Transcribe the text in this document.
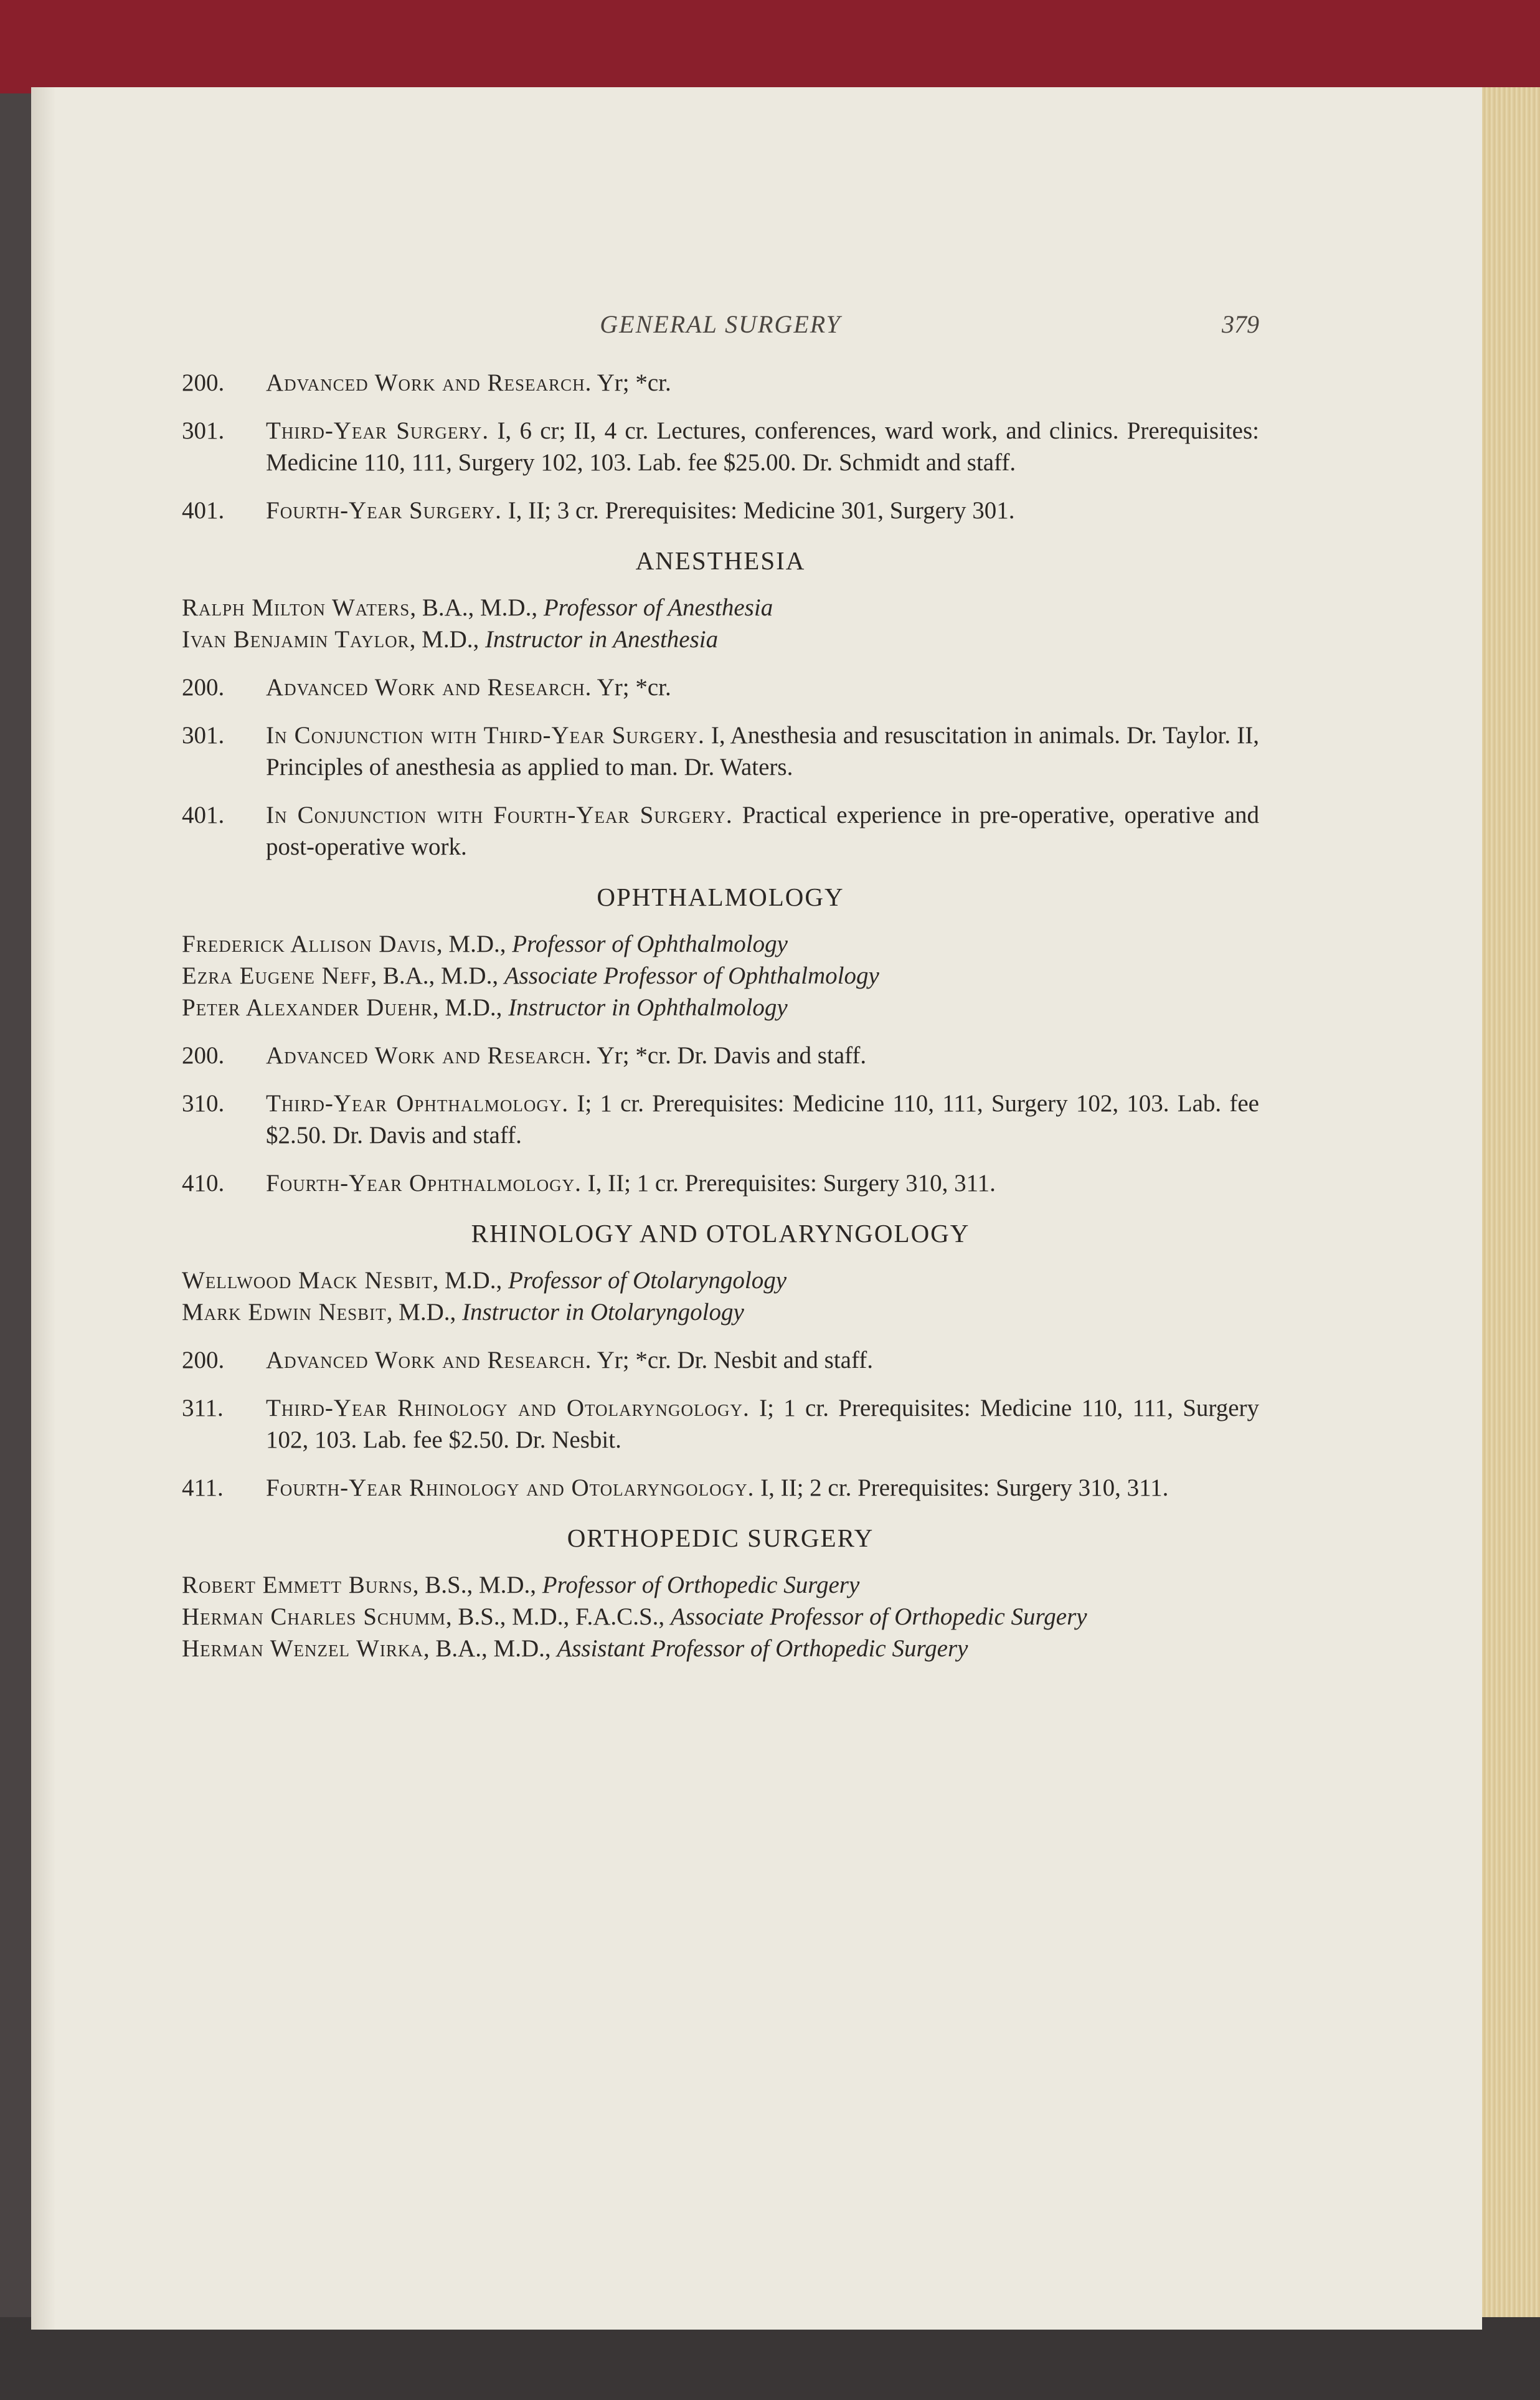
GENERAL SURGERY	379
200.	Advanced Work and Research. Yr; *cr.
301.	Third-Year Surgery. I, 6 cr; II, 4 cr. Lectures, conferences, ward work, and clinics. Prerequisites: Medicine 110, 111, Surgery 102, 103. Lab. fee $25.00. Dr. Schmidt and staff.
401.	Fourth-Year Surgery. I, II; 3 cr. Prerequisites: Medicine 301, Surgery 301.
ANESTHESIA
Ralph Milton Waters, B.A., M.D., Professor of Anesthesia
Ivan Benjamin Taylor, M.D., Instructor in Anesthesia
200.	Advanced Work and Research. Yr; *cr.
301.	In Conjunction with Third-Year Surgery. I, Anesthesia and resuscitation in animals. Dr. Taylor. II, Principles of anesthesia as applied to man. Dr. Waters.
401.	In Conjunction with Fourth-Year Surgery. Practical experience in pre-operative, operative and post-operative work.
OPHTHALMOLOGY
Frederick Allison Davis, M.D., Professor of Ophthalmology
Ezra Eugene Neff, B.A., M.D., Associate Professor of Ophthalmology
Peter Alexander Duehr, M.D., Instructor in Ophthalmology
200.	Advanced Work and Research. Yr; *cr. Dr. Davis and staff.
310.	Third-Year Ophthalmology. I; 1 cr. Prerequisites: Medicine 110, 111, Surgery 102, 103. Lab. fee $2.50. Dr. Davis and staff.
410.	Fourth-Year Ophthalmology. I, II; 1 cr. Prerequisites: Surgery 310, 311.
RHINOLOGY AND OTOLARYNGOLOGY
Wellwood Mack Nesbit, M.D., Professor of Otolaryngology
Mark Edwin Nesbit, M.D., Instructor in Otolaryngology
200.	Advanced Work and Research. Yr; *cr. Dr. Nesbit and staff.
311.	Third-Year Rhinology and Otolaryngology. I; 1 cr. Prerequisites: Medicine 110, 111, Surgery 102, 103. Lab. fee $2.50. Dr. Nesbit.
411.	Fourth-Year Rhinology and Otolaryngology. I, II; 2 cr. Prerequisites: Surgery 310, 311.
ORTHOPEDIC SURGERY
Robert Emmett Burns, B.S., M.D., Professor of Orthopedic Surgery
Herman Charles Schumm, B.S., M.D., F.A.C.S., Associate Professor of Orthopedic Surgery
Herman Wenzel Wirka, B.A., M.D., Assistant Professor of Orthopedic Surgery
